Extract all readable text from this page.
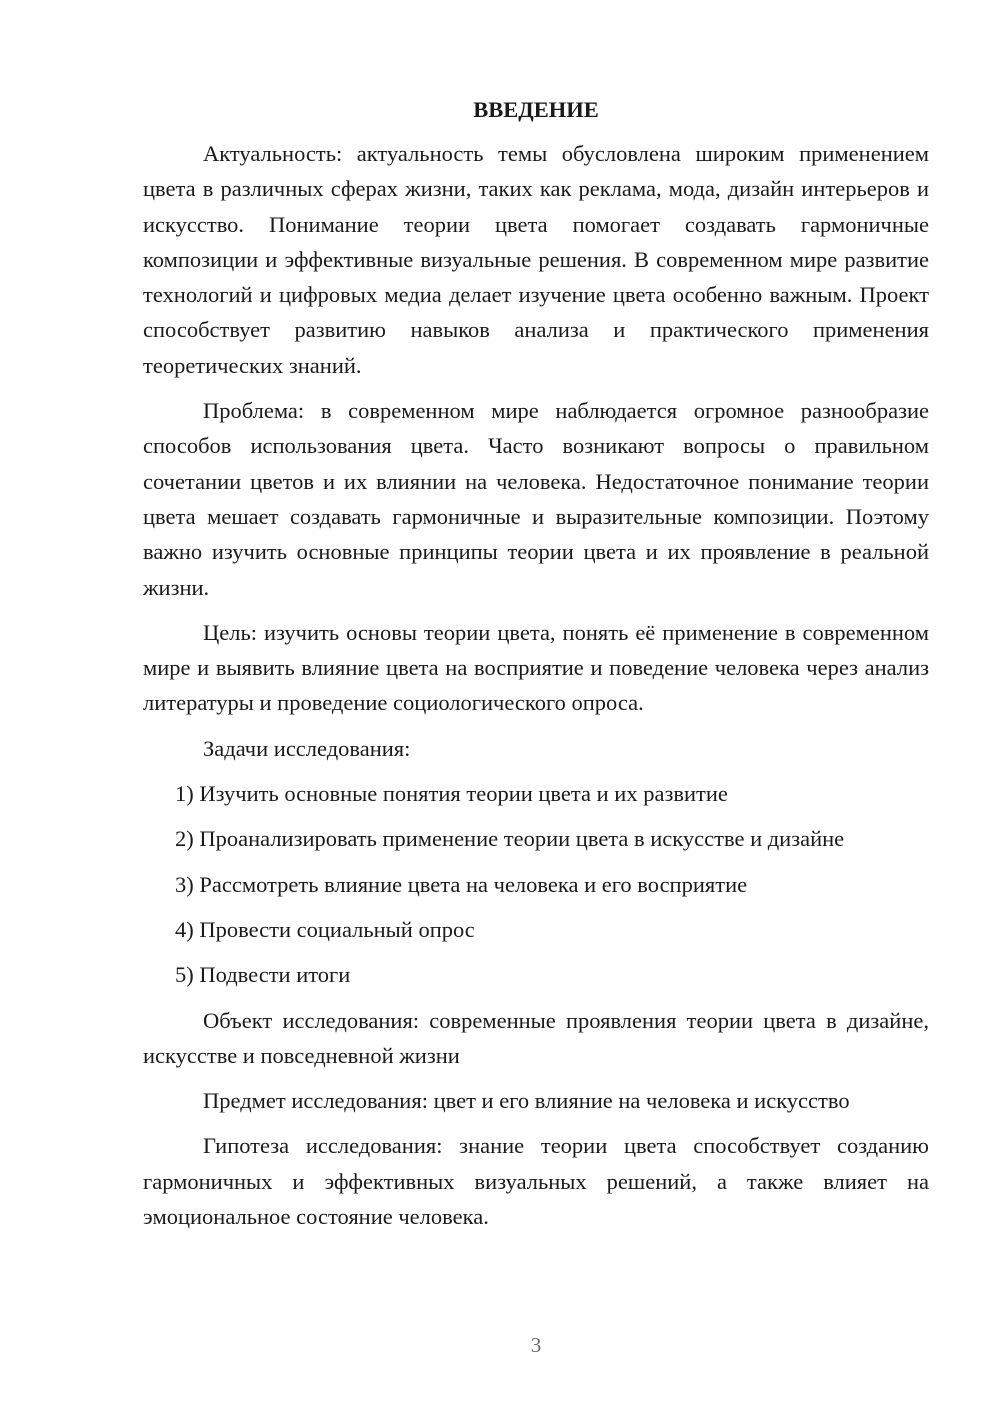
ВВЕДЕНИЕ

Актуальность: актуальность темы обусловлена широким применением цвета в различных сферах жизни, таких как реклама, мода, дизайн интерьеров и искусство. Понимание теории цвета помогает создавать гармоничные композиции и эффективные визуальные решения. В современном мире развитие технологий и цифровых медиа делает изучение цвета особенно важным. Проект способствует развитию навыков анализа и практического применения теоретических знаний.

Проблема: в современном мире наблюдается огромное разнообразие способов использования цвета. Часто возникают вопросы о правильном сочетании цветов и их влиянии на человека. Недостаточное понимание теории цвета мешает создавать гармоничные и выразительные композиции. Поэтому важно изучить основные принципы теории цвета и их проявление в реальной жизни.

Цель: изучить основы теории цвета, понять её применение в современном мире и выявить влияние цвета на восприятие и поведение человека через анализ литературы и проведение социологического опроса.

Задачи исследования:

1) Изучить основные понятия теории цвета и их развитие
2) Проанализировать применение теории цвета в искусстве и дизайне
3) Рассмотреть влияние цвета на человека и его восприятие
4) Провести социальный опрос
5) Подвести итоги

Объект исследования: современные проявления теории цвета в дизайне, искусстве и повседневной жизни

Предмет исследования: цвет и его влияние на человека и искусство

Гипотеза исследования: знание теории цвета способствует созданию гармоничных и эффективных визуальных решений, а также влияет на эмоциональное состояние человека.

3
